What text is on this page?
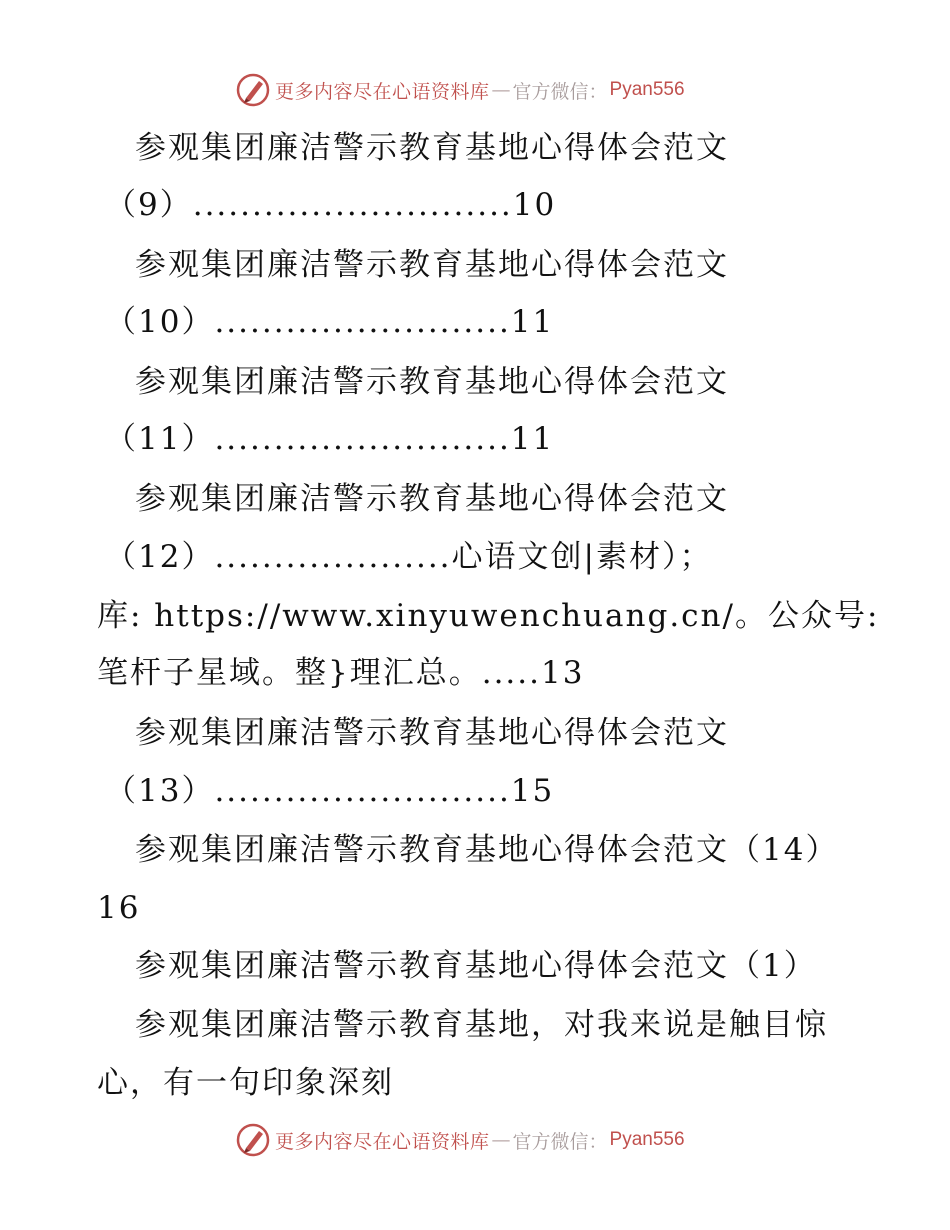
更多内容尽在心语资料库 — 官方微信： Pyan556
参观集团廉洁警示教育基地心得体会范文
（9）...........................10
参观集团廉洁警示教育基地心得体会范文
（10）.........................11
参观集团廉洁警示教育基地心得体会范文
（11）.........................11
参观集团廉洁警示教育基地心得体会范文
（12）....................心语文创|素材）；
库: https://www.xinyuwenchuang.cn/。公众号:
笔杆子星域。整}理汇总。.....13
参观集团廉洁警示教育基地心得体会范文
（13）.........................15
参观集团廉洁警示教育基地心得体会范文（14）
16
参观集团廉洁警示教育基地心得体会范文（1）
参观集团廉洁警示教育基地，对我来说是触目惊
心，有一句印象深刻
更多内容尽在心语资料库 — 官方微信： Pyan556
